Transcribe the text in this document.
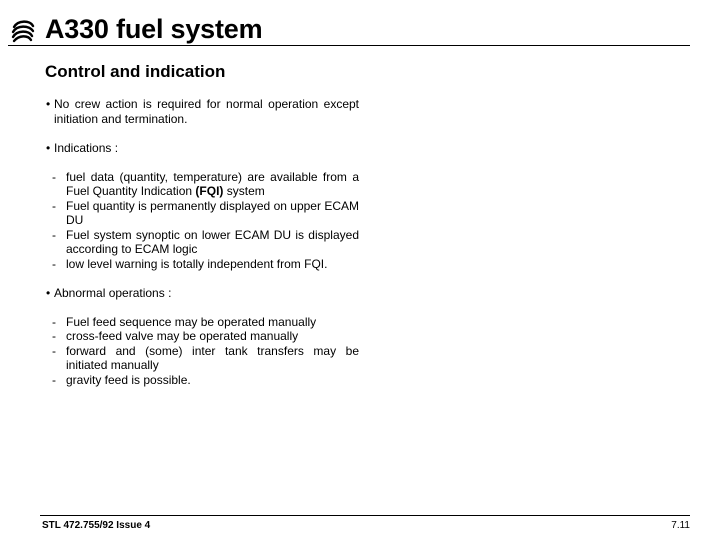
A330 fuel system
Control and indication
• No crew action is required for normal operation except initiation and termination.
• Indications :
- fuel data (quantity, temperature) are available from a Fuel Quantity Indication (FQI) system
- Fuel quantity is permanently displayed on upper ECAM DU
- Fuel system synoptic on lower ECAM DU is displayed according to ECAM logic
- low level warning is totally independent from FQI.
• Abnormal operations :
- Fuel feed sequence may be operated manually
- cross-feed valve may be operated manually
- forward and (some) inter tank transfers may be initiated manually
- gravity feed is possible.
STL 472.755/92 Issue 4	7.11
